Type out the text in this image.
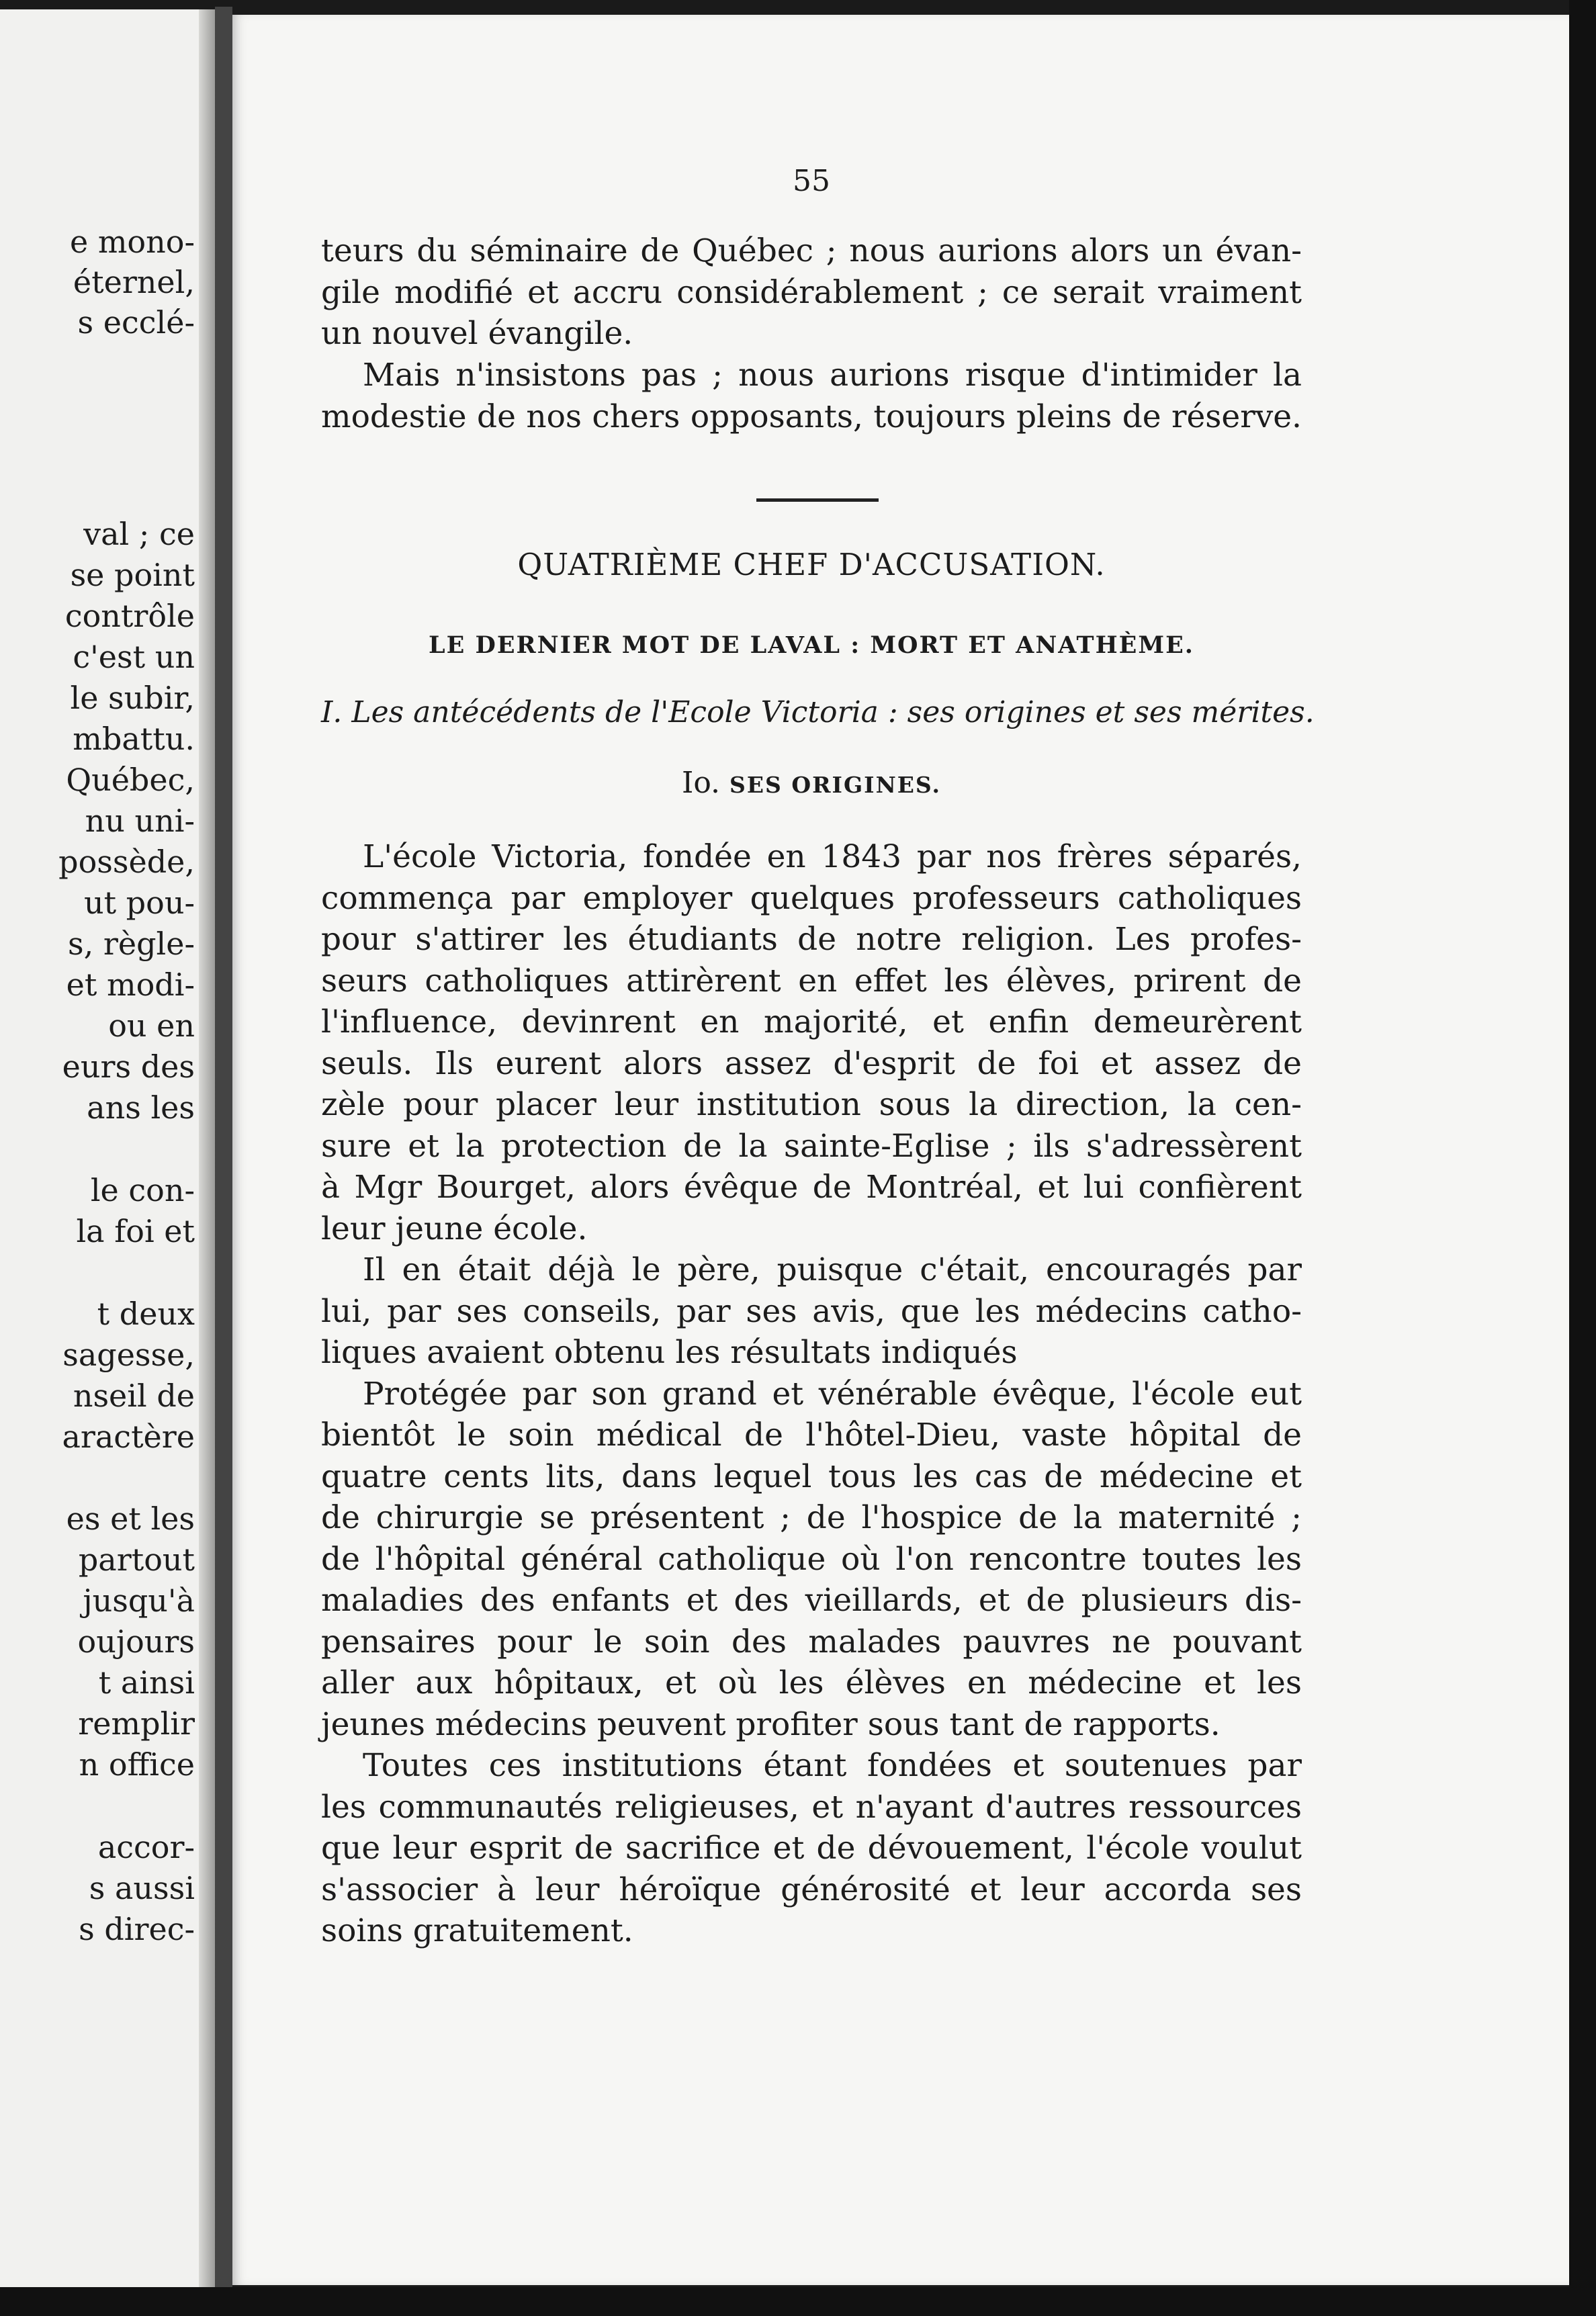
e mono-
éternel,
s ecclé-
val ; ce
se point
contrôle
c'est un
le subir,
mbattu.
Québec,
nu uni-
possède,
ut pou-
s, règle-
et modi-
ou en
eurs des
ans les
le con-
la foi et
t deux
sagesse,
nseil de
aractère
es et les
partout
jusqu'à
oujours
t ainsi
remplir
n office
accor-
s aussi
s direc-
55
teurs du séminaire de Québec ; nous aurions alors un évan-
gile modifié et accru considérablement ; ce serait vraiment
un nouvel évangile.
Mais n'insistons pas ; nous aurions risque d'intimider la
modestie de nos chers opposants, toujours pleins de réserve.
QUATRIÈME CHEF D'ACCUSATION.
LE DERNIER MOT DE LAVAL : MORT ET ANATHÈME.
I. Les antécédents de l'Ecole Victoria : ses origines et ses mérites.
Io. SES ORIGINES.
L'école Victoria, fondée en 1843 par nos frères séparés,
commença par employer quelques professeurs catholiques
pour s'attirer les étudiants de notre religion. Les profes-
seurs catholiques attirèrent en effet les élèves, prirent de
l'influence, devinrent en majorité, et enfin demeurèrent
seuls. Ils eurent alors assez d'esprit de foi et assez de
zèle pour placer leur institution sous la direction, la cen-
sure et la protection de la sainte-Eglise ; ils s'adressèrent
à Mgr Bourget, alors évêque de Montréal, et lui confièrent
leur jeune école.
Il en était déjà le père, puisque c'était, encouragés par
lui, par ses conseils, par ses avis, que les médecins catho-
liques avaient obtenu les résultats indiqués
Protégée par son grand et vénérable évêque, l'école eut
bientôt le soin médical de l'hôtel-Dieu, vaste hôpital de
quatre cents lits, dans lequel tous les cas de médecine et
de chirurgie se présentent ; de l'hospice de la maternité ;
de l'hôpital général catholique où l'on rencontre toutes les
maladies des enfants et des vieillards, et de plusieurs dis-
pensaires pour le soin des malades pauvres ne pouvant
aller aux hôpitaux, et où les élèves en médecine et les
jeunes médecins peuvent profiter sous tant de rapports.
Toutes ces institutions étant fondées et soutenues par
les communautés religieuses, et n'ayant d'autres ressources
que leur esprit de sacrifice et de dévouement, l'école voulut
s'associer à leur héroïque générosité et leur accorda ses
soins gratuitement.
